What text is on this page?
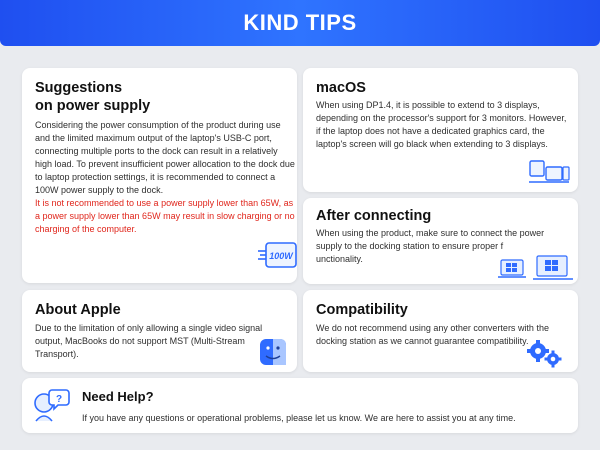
KIND TIPS
Suggestions
on power supply

Considering the power consumption of the product during use and the limited maximum output of the laptop's USB-C port, connecting multiple ports to the dock can result in a relatively high load. To prevent insufficient power allocation to the dock due to laptop protection settings, it is recommended to connect a 100W power supply to the dock.

It is not recommended to use a power supply lower than 65W, as a power supply lower than 65W may result in slow charging or no charging of the computer.

100W
macOS

When using DP1.4, it is possible to extend to 3 displays, depending on the processor's support for 3 monitors. However, if the laptop does not have a dedicated graphics card, the laptop's screen will go black when extending to 3 displays.

After connecting

When using the product, make sure to connect the power supply to the docking station to ensure proper f unctionality.

About Apple

Due to the limitation of only allowing a single video signal output, MacBooks do not support MST (Multi-Stream Transport).

Compatibility

We do not recommend using any other converters with the docking station as we cannot guarantee compatibility.

? Need Help?

If you have any questions or operational problems, please let us know. We are here to assist you at any time.
